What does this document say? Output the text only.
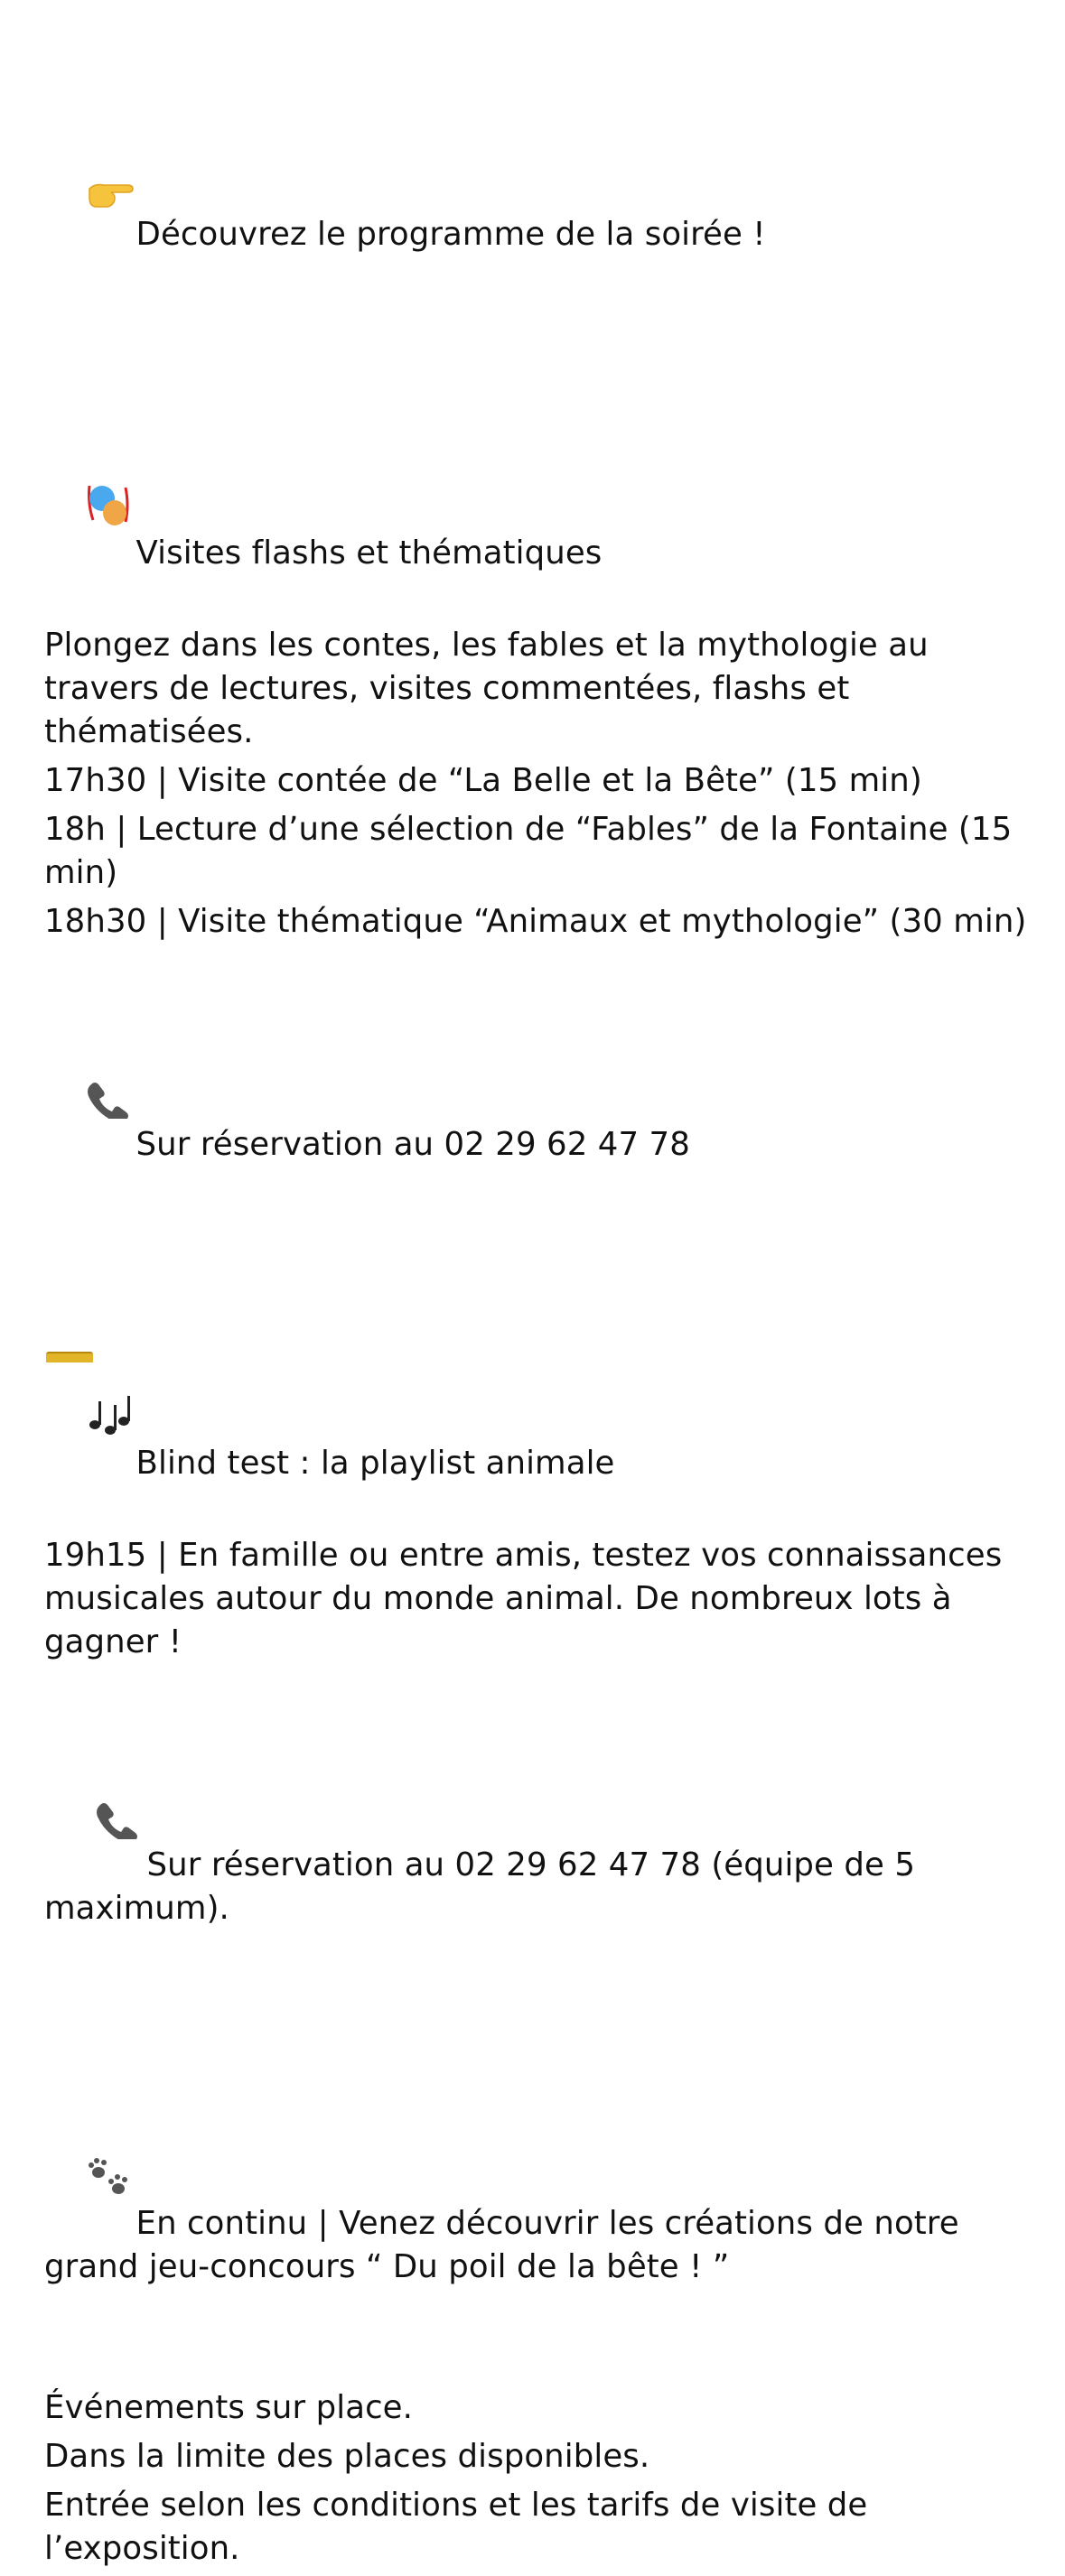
Découvrez le programme de la soirée !

Visites flashs et thématiques

Plongez dans les contes, les fables et la mythologie au travers de lectures, visites commentées, flashs et thématisées.
17h30 | Visite contée de “La Belle et la Bête” (15 min)
18h | Lecture d’une sélection de “Fables” de la Fontaine (15 min)
18h30 | Visite thématique “Animaux et mythologie” (30 min)

Sur réservation au 02 29 62 47 78

Blind test : la playlist animale

19h15 | En famille ou entre amis, testez vos connaissances musicales autour du monde animal. De nombreux lots à gagner !

Sur réservation au 02 29 62 47 78 (équipe de 5 maximum).

En continu | Venez découvrir les créations de notre grand jeu-concours “ Du poil de la bête ! ”

Événements sur place.
Dans la limite des places disponibles.
Entrée selon les conditions et les tarifs de visite de l’exposition.
